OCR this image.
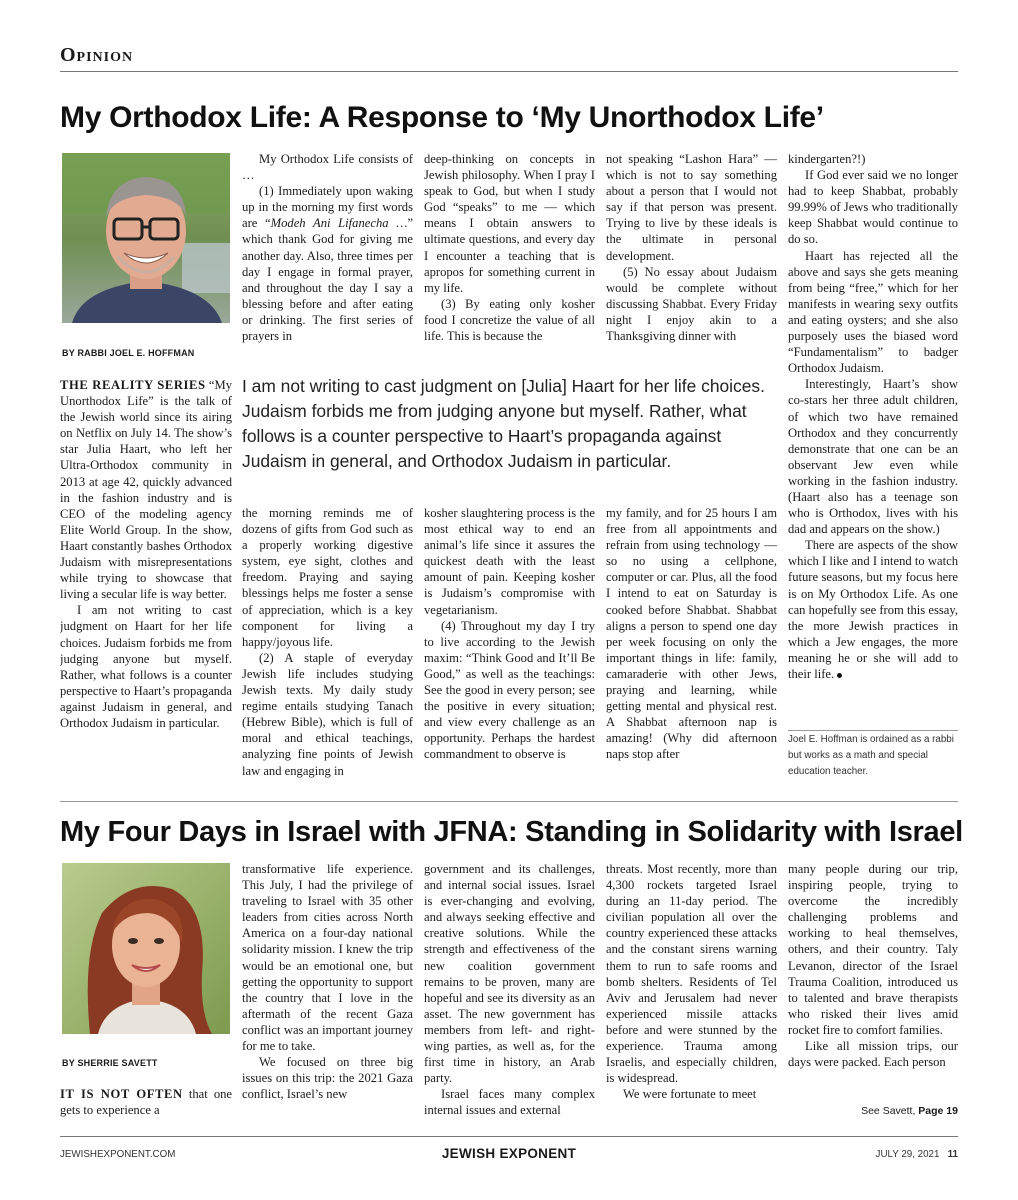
Opinion
My Orthodox Life: A Response to ‘My Unorthodox Life’
BY RABBI JOEL E. HOFFMAN

THE REALITY SERIES “My Unorthodox Life” is the talk of the Jewish world since its airing on Netflix on July 14. The show’s star Julia Haart, who left her Ultra-Orthodox community in 2013 at age 42, quickly advanced in the fashion industry and is CEO of the modeling agency Elite World Group. In the show, Haart constantly bashes Orthodox Judaism with misrepresentations while trying to showcase that living a secular life is way better.

I am not writing to cast judgment on Haart for her life choices. Judaism forbids me from judging anyone but myself. Rather, what follows is a counter perspective to Haart’s propaganda against Judaism in general, and Orthodox Judaism in particular.

My Orthodox Life consists of …

(1) Immediately upon waking up in the morning my first words are “Modeh Ani Lifanecha …” which thank God for giving me another day. Also, three times per day I engage in formal prayer, and throughout the day I say a blessing before and after eating or drinking. The first series of prayers in

deep-thinking on concepts in Jewish philosophy. When I pray I speak to God, but when I study God “speaks” to me — which means I obtain answers to ultimate questions, and every day I encounter a teaching that is apropos for something current in my life.

(3) By eating only kosher food I concretize the value of all life. This is because the

not speaking “Lashon Hara” — which is not to say something about a person that I would not say if that person was present. Trying to live by these ideals is the ultimate in personal development.

(5) No essay about Judaism would be complete without discussing Shabbat. Every Friday night I enjoy akin to a Thanksgiving dinner with

I am not writing to cast judgment on [Julia] Haart for her life choices. Judaism forbids me from judging anyone but myself. Rather, what follows is a counter perspective to Haart’s propaganda against Judaism in general, and Orthodox Judaism in particular.

the morning reminds me of dozens of gifts from God such as a properly working digestive system, eye sight, clothes and freedom. Praying and saying blessings helps me foster a sense of appreciation, which is a key component for living a happy/joyous life.

(2) A staple of everyday Jewish life includes studying Jewish texts. My daily study regime entails studying Tanach (Hebrew Bible), which is full of moral and ethical teachings, analyzing fine points of Jewish law and engaging in

kosher slaughtering process is the most ethical way to end an animal’s life since it assures the quickest death with the least amount of pain. Keeping kosher is Judaism’s compromise with vegetarianism.

(4) Throughout my day I try to live according to the Jewish maxim: “Think Good and It’ll Be Good,” as well as the teachings: See the good in every person; see the positive in every situation; and view every challenge as an opportunity. Perhaps the hardest commandment to observe is

my family, and for 25 hours I am free from all appointments and refrain from using technology — so no using a cellphone, computer or car. Plus, all the food I intend to eat on Saturday is cooked before Shabbat. Shabbat aligns a person to spend one day per week focusing on only the important things in life: family, camaraderie with other Jews, praying and learning, while getting mental and physical rest. A Shabbat afternoon nap is amazing! (Why did afternoon naps stop after

kindergarten?!)

If God ever said we no longer had to keep Shabbat, probably 99.99% of Jews who traditionally keep Shabbat would continue to do so.

Haart has rejected all the above and says she gets meaning from being “free,” which for her manifests in wearing sexy outfits and eating oysters; and she also purposely uses the biased word “Fundamentalism” to badger Orthodox Judaism.

Interestingly, Haart’s show co-stars her three adult children, of which two have remained Orthodox and they concurrently demonstrate that one can be an observant Jew even while working in the fashion industry. (Haart also has a teenage son who is Orthodox, lives with his dad and appears on the show.)

There are aspects of the show which I like and I intend to watch future seasons, but my focus here is on My Orthodox Life. As one can hopefully see from this essay, the more Jewish practices in which a Jew engages, the more meaning he or she will add to their life.

Joel E. Hoffman is ordained as a rabbi but works as a math and special education teacher.
My Four Days in Israel with JFNA: Standing in Solidarity with Israel
BY SHERRIE SAVETT

IT IS NOT OFTEN that one gets to experience a

transformative life experience. This July, I had the privilege of traveling to Israel with 35 other leaders from cities across North America on a four-day national solidarity mission. I knew the trip would be an emotional one, but getting the opportunity to support the country that I love in the aftermath of the recent Gaza conflict was an important journey for me to take.

We focused on three big issues on this trip: the 2021 Gaza conflict, Israel’s new

government and its challenges, and internal social issues. Israel is ever-changing and evolving, and always seeking effective and creative solutions. While the strength and effectiveness of the new coalition government remains to be proven, many are hopeful and see its diversity as an asset. The new government has members from left- and right-wing parties, as well as, for the first time in history, an Arab party.

Israel faces many complex internal issues and external

threats. Most recently, more than 4,300 rockets targeted Israel during an 11-day period. The civilian population all over the country experienced these attacks and the constant sirens warning them to run to safe rooms and bomb shelters. Residents of Tel Aviv and Jerusalem had never experienced missile attacks before and were stunned by the experience. Trauma among Israelis, and especially children, is widespread.

We were fortunate to meet

many people during our trip, inspiring people, trying to overcome the incredibly challenging problems and working to heal themselves, others, and their country. Taly Levanon, director of the Israel Trauma Coalition, introduced us to talented and brave therapists who risked their lives amid rocket fire to comfort families.

Like all mission trips, our days were packed. Each person

See Savett, Page 19
JEWISHEXPONENT.COM	JEWISH EXPONENT	JULY 29, 2021 11
